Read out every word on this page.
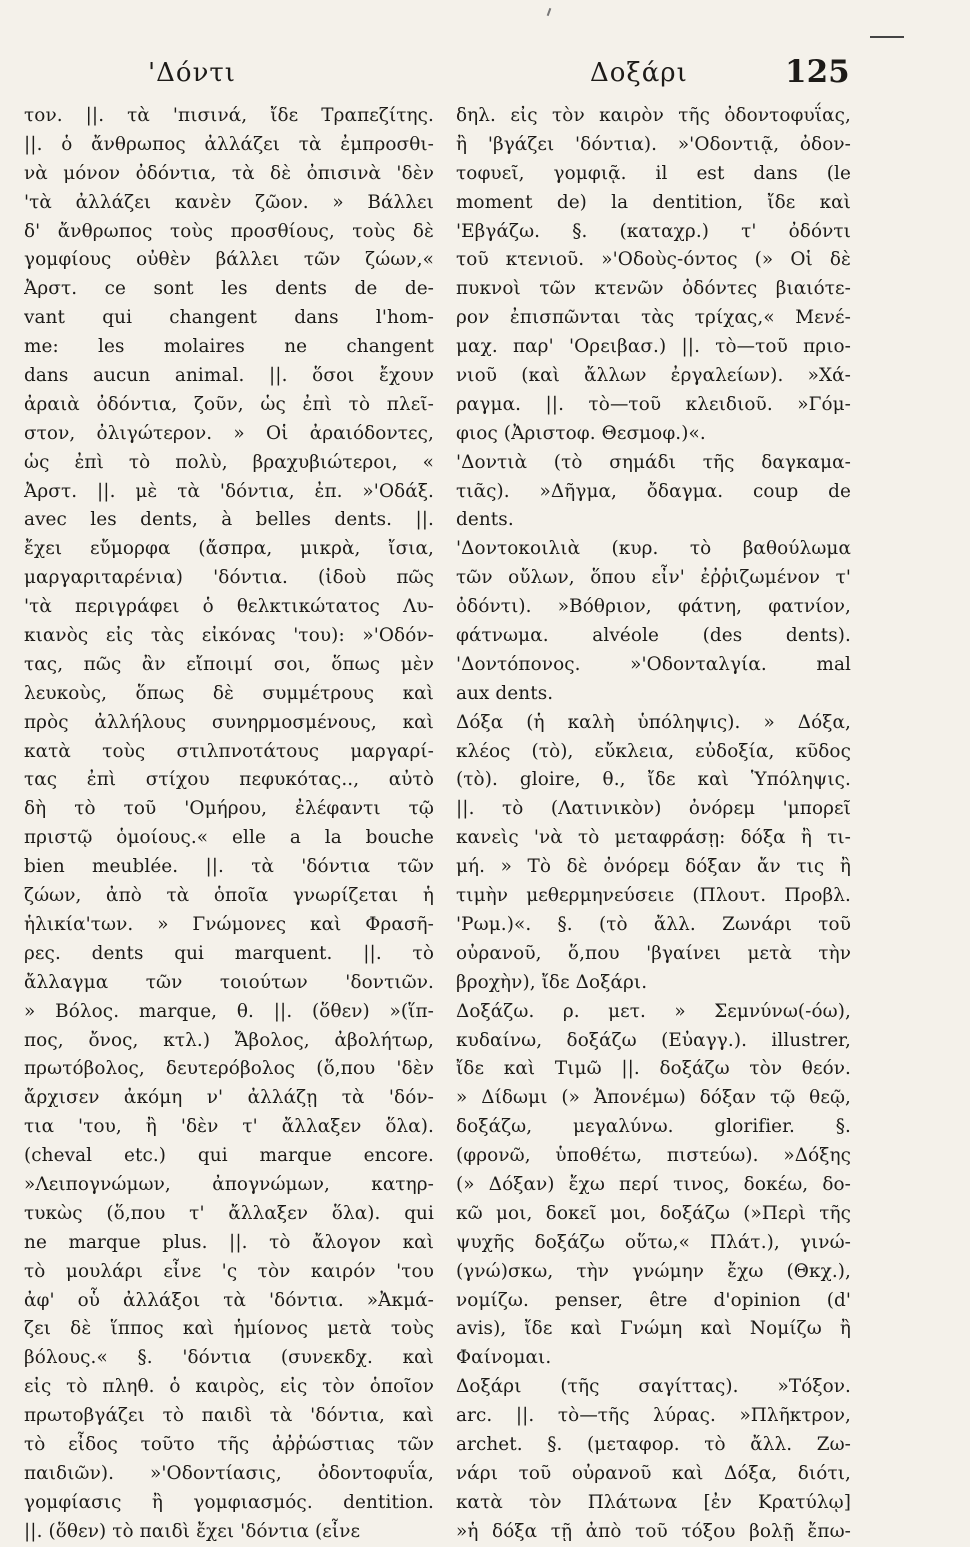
'Δόντι	Δοξάρι	125

τον. ||. τὰ 'πισινά, ἴδε Τραπεζίτης.

||. ὁ ἄνθρωπος ἀλλάζει τὰ ἐμπροσθι-

νὰ μόνον ὀδόντια, τὰ δὲ ὀπισινὰ 'δὲν

'τὰ ἀλλάζει κανὲν ζῶον. » Βάλλει

δ' ἄνθρωπος τοὺς προσθίους, τοὺς δὲ

γομφίους οὐθὲν βάλλει τῶν ζώων,«

Ἀρστ. ce sont les dents de de-

vant qui changent dans l'hom-

me: les molaires ne changent

dans aucun animal. ||. ὅσοι ἔχουν

ἀραιὰ ὀδόντια, ζοῦν, ὡς ἐπὶ τὸ πλεῖ-

στον, ὀλιγώτερον. » Οἱ ἀραιόδοντες,

ὡς ἐπὶ τὸ πολὺ, βραχυβιώτεροι, «

Ἀρστ. ||. μὲ τὰ 'δόντια, ἐπ. »'Οδάξ.

avec les dents, à belles dents. ||.

ἔχει εὔμορφα (ἄσπρα, μικρὰ, ἴσια,

μαργαριταρένια) 'δόντια. (ἰδοὺ πῶς

'τὰ περιγράφει ὁ θελκτικώτατος Λυ-

κιανὸς εἰς τὰς εἰκόνας 'του): »'Οδόν-

τας, πῶς ἂν εἴποιμί σοι, ὅπως μὲν

λευκοὺς, ὅπως δὲ συμμέτρους καὶ

πρὸς ἀλλήλους συνηρμοσμένους, καὶ

κατὰ τοὺς στιλπνοτάτους μαργαρί-

τας ἐπὶ στίχου πεφυκότας.., αὐτὸ

δὴ τὸ τοῦ 'Ομήρου, ἐλέφαντι τῷ

πριστῷ ὁμοίους.« elle a la bouche

bien meublée. ||. τὰ 'δόντια τῶν

ζώων, ἀπὸ τὰ ὁποῖα γνωρίζεται ἡ

ἡλικία'των. » Γνώμονες καὶ Φρασῆ-

ρες. dents qui marquent. ||. τὸ

ἄλλαγμα τῶν τοιούτων 'δοντιῶν.

» Βόλος. marque, θ. ||. (ὅθεν) »(ἵπ-

πος, ὄνος, κτλ.) Ἄβολος, ἀβολήτωρ,

πρωτόβολος, δευτερόβολος (ὅ,που 'δὲν

ἄρχισεν ἀκόμη ν' ἀλλάζῃ τὰ 'δόν-

τια 'του, ἢ 'δὲν τ' ἄλλαξεν ὅλα).

(cheval etc.) qui marque encore.

»Λειπογνώμων, ἀπογνώμων, κατηρ-

τυκὼς (ὅ,που τ' ἄλλαξεν ὅλα). qui

ne marque plus. ||. τὸ ἄλογον καὶ

τὸ μουλάρι εἶνε 'ς τὸν καιρόν 'του

ἀφ' οὗ ἀλλάξοι τὰ 'δόντια. »Ἀκμά-

ζει δὲ ἵππος καὶ ἡμίονος μετὰ τοὺς

βόλους.« §. 'δόντια (συνεκδχ. καὶ

εἰς τὸ πληθ. ὁ καιρὸς, εἰς τὸν ὁποῖον

πρωτοβγάζει τὸ παιδὶ τὰ 'δόντια, καὶ

τὸ εἶδος τοῦτο τῆς ἀῤῥώστιας τῶν

παιδιῶν). »'Οδοντίασις, ὀδοντοφυΐα,

γομφίασις ἢ γομφιασμός. dentition.

||. (ὅθεν) τὸ παιδὶ ἔχει 'δόντια (εἶνε

δηλ. εἰς τὸν καιρὸν τῆς ὀδοντοφυΐας,

ἢ 'βγάζει 'δόντια). »'Οδοντιᾷ, ὀδον-

τοφυεῖ, γομφιᾷ. il est dans (le

moment de) la dentition, ἴδε καὶ

'Εβγάζω. §. (καταχρ.) τ' ὀδόντι

τοῦ κτενιοῦ. »'Οδοὺς-όντος (» Οἱ δὲ

πυκνοὶ τῶν κτενῶν ὀδόντες βιαιότε-

ρον ἐπισπῶνται τὰς τρίχας,« Μενέ-

μαχ. παρ' 'Ορειβασ.) ||. τὸ—τοῦ πριο-

νιοῦ (καὶ ἄλλων ἐργαλείων). »Χά-

ραγμα. ||. τὸ—τοῦ κλειδιοῦ. »Γόμ-

φιος (Ἀριστοφ. Θεσμοφ.)«.

'Δοντιὰ (τὸ σημάδι τῆς δαγκαμα-

τιᾶς). »Δῆγμα, ὄδαγμα. coup de

dents.

'Δοντοκοιλιὰ (κυρ. τὸ βαθούλωμα

τῶν οὔλων, ὅπου εἶν' ἐῤῥιζωμένον τ'

ὀδόντι). »Βόθριον, φάτνη, φατνίον,

φάτνωμα. alvéole (des dents).

'Δοντόπονος. »'Οδονταλγία. mal

aux dents.

Δόξα (ἡ καλὴ ὑπόληψις). » Δόξα,

κλέος (τὸ), εὔκλεια, εὐδοξία, κῦδος

(τὸ). gloire, θ., ἴδε καὶ Ὑπόληψις.

||. τὸ (Λατινικὸν) ὀνόρεμ 'μπορεῖ

κανεὶς 'νὰ τὸ μεταφράσῃ: δόξα ἢ τι-

μή. » Τὸ δὲ ὀνόρεμ δόξαν ἄν τις ἢ

τιμὴν μεθερμηνεύσειε (Πλουτ. Προβλ.

'Ρωμ.)«. §. (τὸ ἄλλ. Ζωνάρι τοῦ

οὐρανοῦ, ὅ,που 'βγαίνει μετὰ τὴν

βροχὴν), ἴδε Δοξάρι.

Δοξάζω. ρ. μετ. » Σεμνύνω(-όω),

κυδαίνω, δοξάζω (Εὐαγγ.). illustrer,

ἴδε καὶ Τιμῶ ||. δοξάζω τὸν θεόν.

» Δίδωμι (» Ἀπονέμω) δόξαν τῷ θεῷ,

δοξάζω, μεγαλύνω. glorifier. §.

(φρονῶ, ὑποθέτω, πιστεύω). »Δόξης

(» Δόξαν) ἔχω περί τινος, δοκέω, δο-

κῶ μοι, δοκεῖ μοι, δοξάζω (»Περὶ τῆς

ψυχῆς δοξάζω οὕτω,« Πλάτ.), γινώ-

(γνώ)σκω, τὴν γνώμην ἔχω (Θκχ.),

νομίζω. penser, être d'opinion (d'

avis), ἴδε καὶ Γνώμη καὶ Νομίζω ἢ

Φαίνομαι.

Δοξάρι (τῆς σαγίττας). »Τόξον.

arc. ||. τὸ—τῆς λύρας. »Πλῆκτρον,

archet. §. (μεταφορ. τὸ ἄλλ. Ζω-

νάρι τοῦ οὐρανοῦ καὶ Δόξα, διότι,

κατὰ τὸν Πλάτωνα [ἐν Κρατύλῳ]

»ἡ δόξα τῇ ἀπὸ τοῦ τόξου βολῇ ἔπω-
